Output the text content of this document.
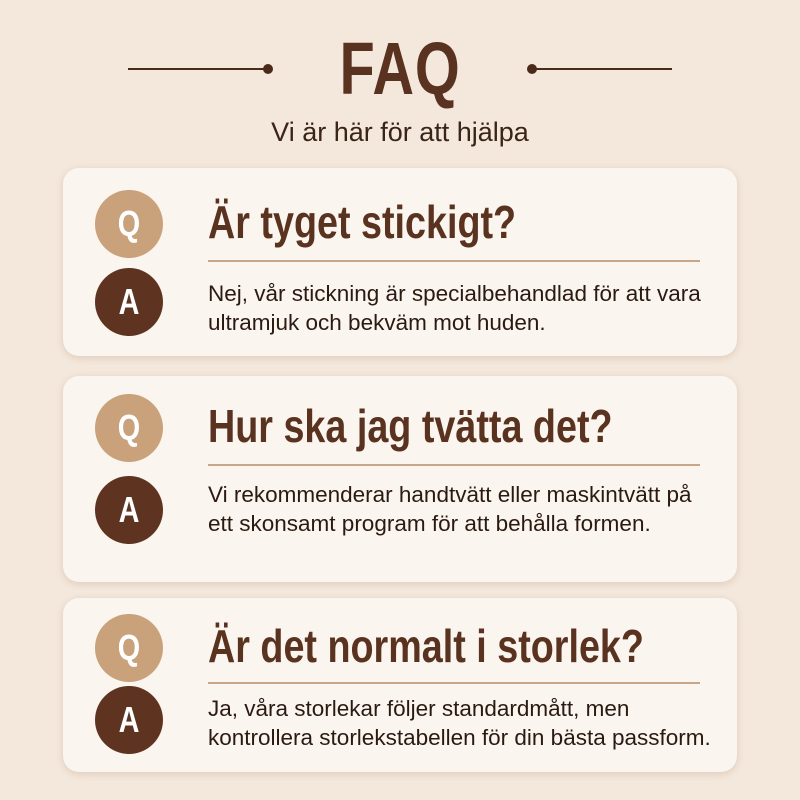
FAQ
Vi är här för att hjälpa
Q
A
Är tyget stickigt?
Nej, vår stickning är specialbehandlad för att vara ultramjuk och bekväm mot huden.
Q
A
Hur ska jag tvätta det?
Vi rekommenderar handtvätt eller maskintvätt på ett skonsamt program för att behålla formen.
Q
A
Är det normalt i storlek?
Ja, våra storlekar följer standardmått, men kontrollera storlekstabellen för din bästa passform.
